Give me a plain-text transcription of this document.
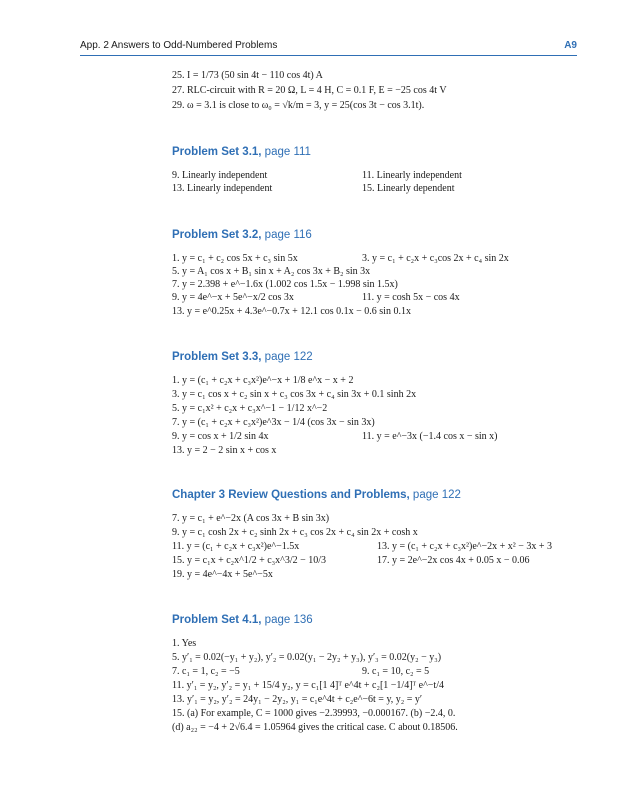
App. 2 Answers to Odd-Numbered Problems	A9
25. I = 1/73 (50 sin 4t − 110 cos 4t) A
27. RLC-circuit with R = 20 Ω, L = 4 H, C = 0.1 F, E = −25 cos 4t V
29. ω = 3.1 is close to ω₀ = √k/m = 3, y = 25(cos 3t − cos 3.1t).
Problem Set 3.1, page 111
9. Linearly independent	11. Linearly independent
13. Linearly independent	15. Linearly dependent
Problem Set 3.2, page 116
1. y = c₁ + c₂ cos 5x + c₃ sin 5x	3. y = c₁ + c₂x + c₃cos 2x + c₄ sin 2x
5. y = A₁ cos x + B₁ sin x + A₂ cos 3x + B₂ sin 3x
7. y = 2.398 + e^−1.6x (1.002 cos 1.5x − 1.998 sin 1.5x)
9. y = 4e^−x + 5e^−x/2 cos 3x	11. y = cosh 5x − cos 4x
13. y = e^0.25x + 4.3e^−0.7x + 12.1 cos 0.1x − 0.6 sin 0.1x
Problem Set 3.3, page 122
1. y = (c₁ + c₂x + c₃x²)e^−x + 1/8 e^x − x + 2
3. y = c₁ cos x + c₂ sin x + c₃ cos 3x + c₄ sin 3x + 0.1 sinh 2x
5. y = c₁x² + c₂x + c₃x^−1 − 1/12 x^−2
7. y = (c₁ + c₂x + c₃x²)e^3x − 1/4 (cos 3x − sin 3x)
9. y = cos x + 1/2 sin 4x	11. y = e^−3x (−1.4 cos x − sin x)
13. y = 2 − 2 sin x + cos x
Chapter 3 Review Questions and Problems, page 122
7. y = c₁ + e^−2x (A cos 3x + B sin 3x)
9. y = c₁ cosh 2x + c₂ sinh 2x + c₃ cos 2x + c₄ sin 2x + cosh x
11. y = (c₁ + c₂x + c₃x²)e^−1.5x	13. y = (c₁ + c₂x + c₃x²)e^−2x + x² − 3x + 3
15. y = c₁x + c₂x^1/2 + c₃x^3/2 − 10/3	17. y = 2e^−2x cos 4x + 0.05 x − 0.06
19. y = 4e^−4x + 5e^−5x
Problem Set 4.1, page 136
1. Yes
5. y′₁ = 0.02(−y₁ + y₂), y′₂ = 0.02(y₁ − 2y₂ + y₃), y′₃ = 0.02(y₂ − y₃)
7. c₁ = 1, c₂ = −5	9. c₁ = 10, c₂ = 5
11. y′₁ = y₂, y′₂ = y₁ + 15/4 y₂, y = c₁[1 4]ᵀ e^4t + c₂[1 −1/4]ᵀ e^−t/4
13. y′₁ = y₂, y′₂ = 24y₁ − 2y₂, y₁ = c₁e^4t + c₂e^−6t = y, y₂ = y′
15. (a) For example, C = 1000 gives −2.39993, −0.000167. (b) −2.4, 0.
(d) a₂₂ = −4 + 2√6.4 = 1.05964 gives the critical case. C about 0.18506.
